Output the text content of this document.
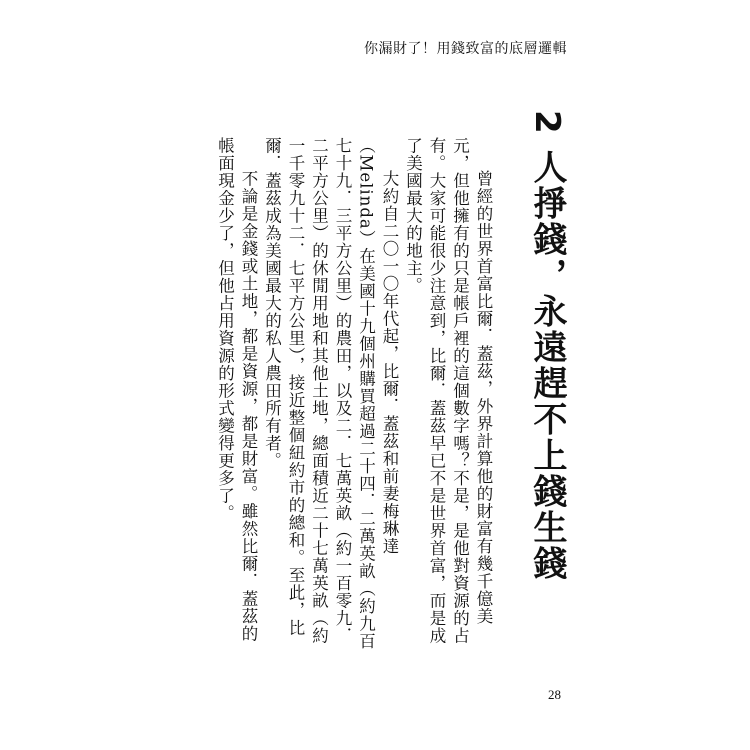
你漏財了！用錢致富的底層邏輯
2 人掙錢，永遠趕不上錢生錢

曾經的世界首富比爾．蓋茲，外界計算他的財富有幾千億美元，但他擁有的只是帳戶裡的這個數字嗎？不是，是他對資源的占有。大家可能很少注意到，比爾．蓋茲早已不是世界首富，而是成了美國最大的地主。

大約自二〇一〇年代起，比爾．蓋茲和前妻梅琳達（Melinda）在美國十九個州購買超過二十四．二萬英畝（約九百七十九．三平方公里）的農田，以及二．七萬英畝（約一百零九．二平方公里）的休閒用地和其他土地，總面積近二十七萬英畝（約一千零九十二．七平方公里），接近整個紐約市的總和。至此，比爾．蓋茲成為美國最大的私人農田所有者。

不論是金錢或土地，都是資源，都是財富。雖然比爾．蓋茲的帳面現金少了，但他占用資源的形式變得更多了。

28
